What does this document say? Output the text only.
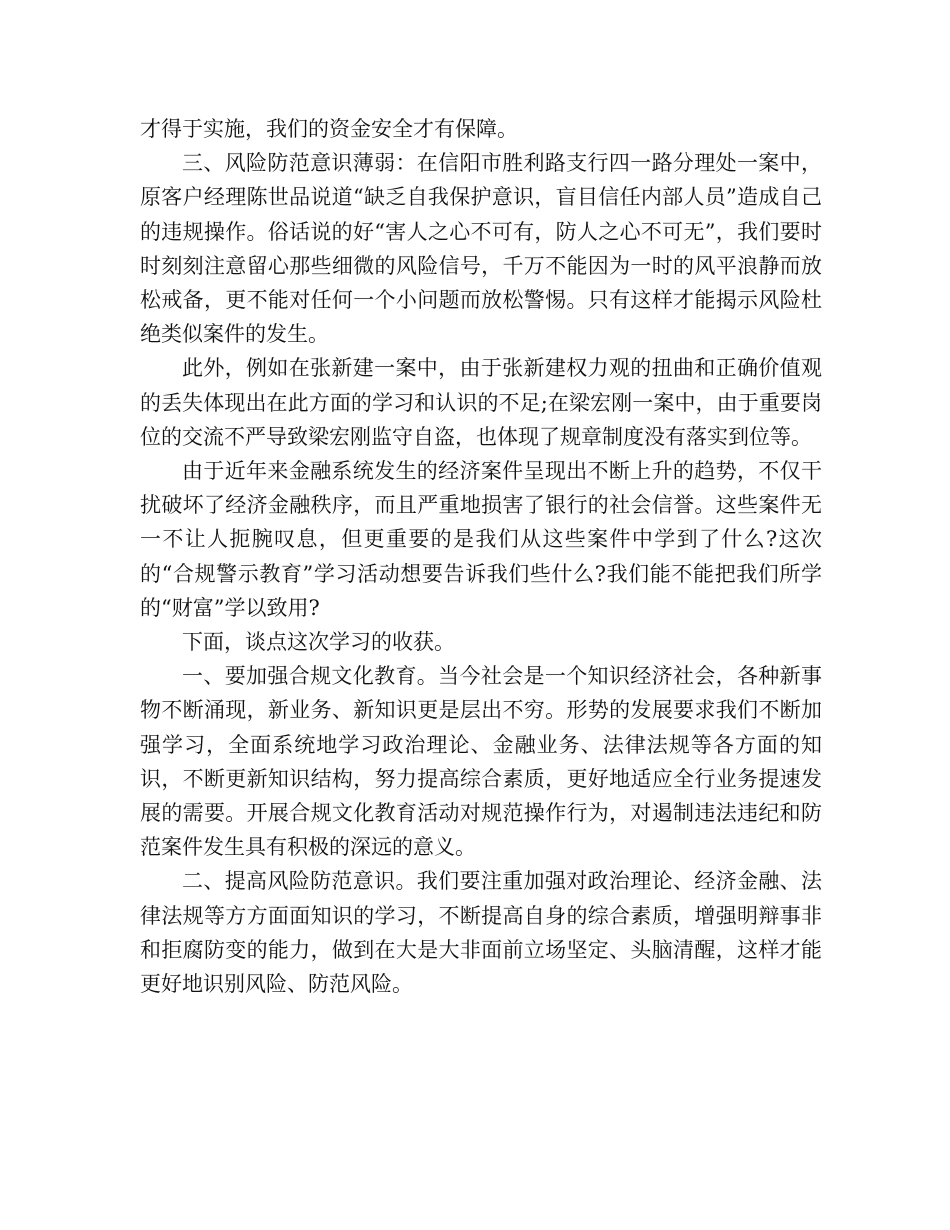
才得于实施，我们的资金安全才有保障。

三、风险防范意识薄弱：在信阳市胜利路支行四一路分理处一案中，原客户经理陈世品说道“缺乏自我保护意识，盲目信任内部人员”造成自己的违规操作。俗话说的好“害人之心不可有，防人之心不可无”，我们要时时刻刻注意留心那些细微的风险信号，千万不能因为一时的风平浪静而放松戒备，更不能对任何一个小问题而放松警惕。只有这样才能揭示风险杜绝类似案件的发生。

此外，例如在张新建一案中，由于张新建权力观的扭曲和正确价值观的丢失体现出在此方面的学习和认识的不足;在梁宏刚一案中，由于重要岗位的交流不严导致梁宏刚监守自盗，也体现了规章制度没有落实到位等。

由于近年来金融系统发生的经济案件呈现出不断上升的趋势，不仅干扰破坏了经济金融秩序，而且严重地损害了银行的社会信誉。这些案件无一不让人扼腕叹息，但更重要的是我们从这些案件中学到了什么?这次的“合规警示教育”学习活动想要告诉我们些什么?我们能不能把我们所学的“财富”学以致用?

下面，谈点这次学习的收获。

一、要加强合规文化教育。当今社会是一个知识经济社会，各种新事物不断涌现，新业务、新知识更是层出不穷。形势的发展要求我们不断加强学习，全面系统地学习政治理论、金融业务、法律法规等各方面的知识，不断更新知识结构，努力提高综合素质，更好地适应全行业务提速发展的需要。开展合规文化教育活动对规范操作行为，对遏制违法违纪和防范案件发生具有积极的深远的意义。

二、提高风险防范意识。我们要注重加强对政治理论、经济金融、法律法规等方方面面知识的学习，不断提高自身的综合素质，增强明辩事非和拒腐防变的能力，做到在大是大非面前立场坚定、头脑清醒，这样才能更好地识别风险、防范风险。
